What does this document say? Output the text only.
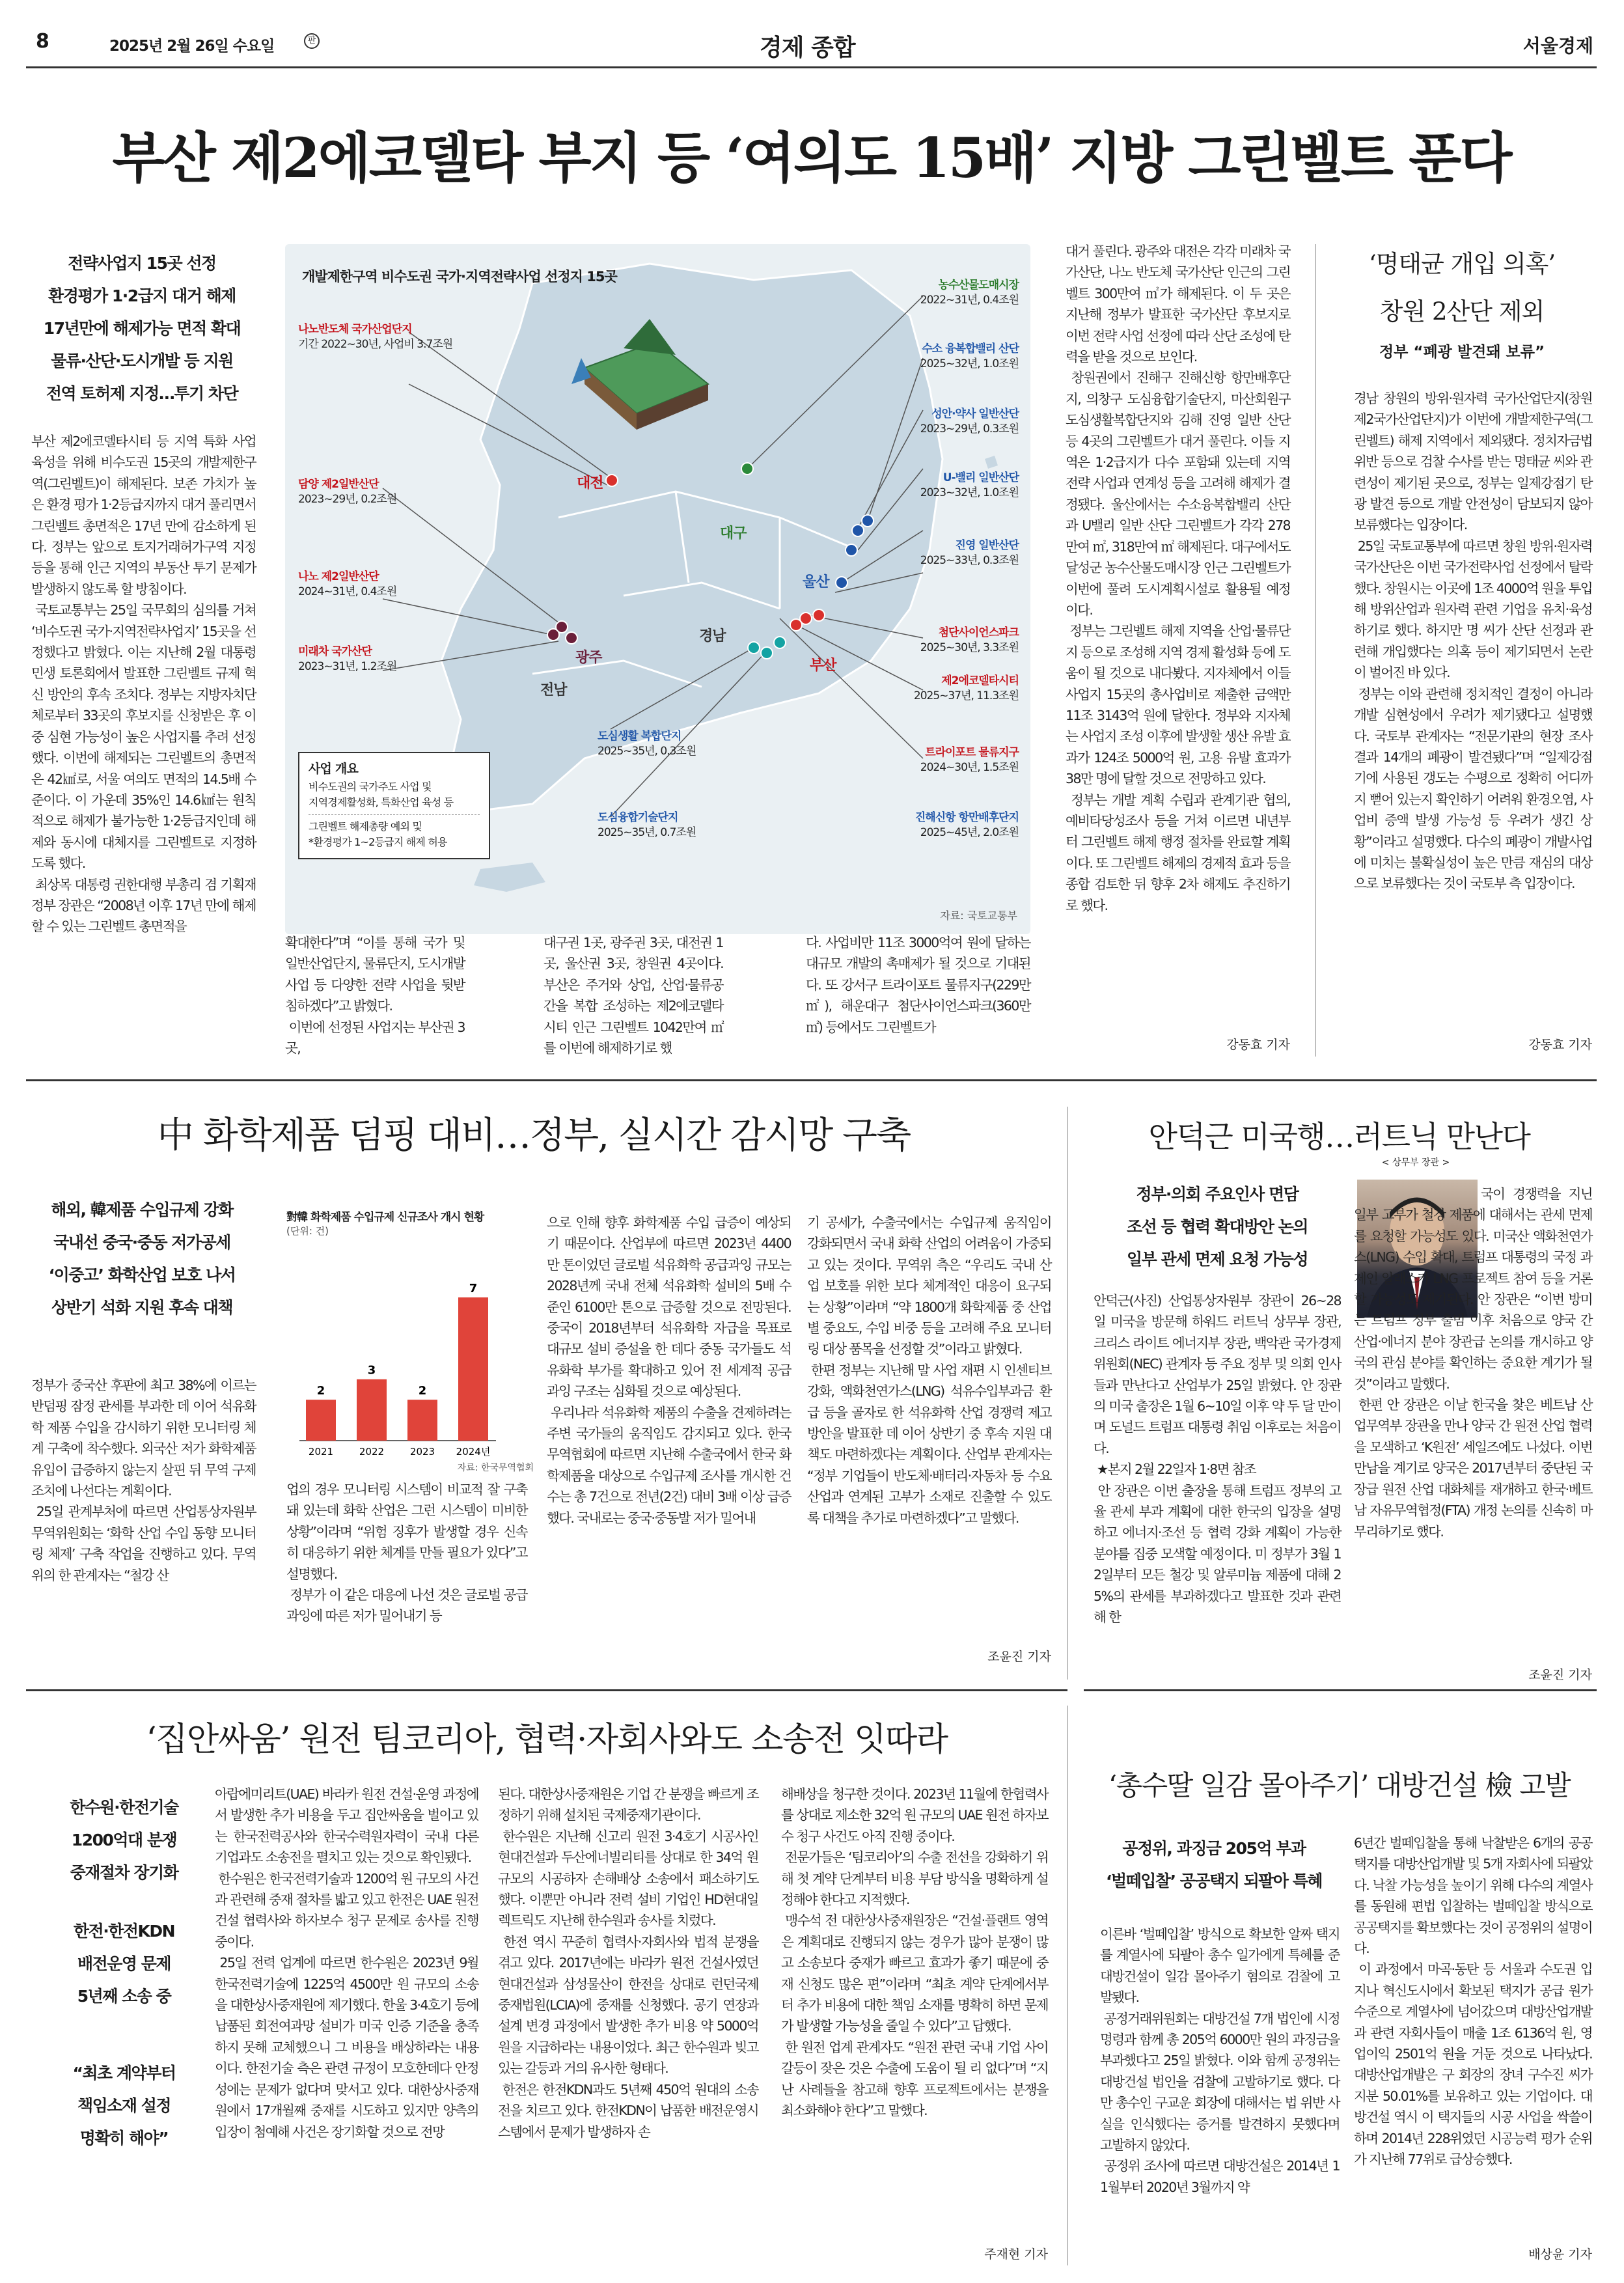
8	2025년 2월 26일 수요일	판	경제 종합	서울경제
부산 제2에코델타 부지 등 ‘여의도 15배’ 지방 그린벨트 푼다
전략사업지 15곳 선정
환경평가 1·2급지 대거 해제
17년만에 해제가능 면적 확대
물류·산단·도시개발 등 지원
전역 토허제 지정…투기 차단
부산 제2에코델타시티 등 지역 특화 사업 육성을 위해 비수도권 15곳의 개발제한구역(그린벨트)이 해제된다. 보존 가치가 높은 환경 평가 1·2등급지까지 대거 풀리면서 그린벨트 총면적은 17년 만에 감소하게 된다. 정부는 앞으로 토지거래허가구역 지정 등을 통해 인근 지역의 부동산 투기 문제가 발생하지 않도록 할 방침이다.
국토교통부는 25일 국무회의 심의를 거쳐 ‘비수도권 국가·지역전략사업지’ 15곳을 선정했다고 밝혔다. 이는 지난해 2월 대통령 민생 토론회에서 발표한 그린벨트 규제 혁신 방안의 후속 조치다. 정부는 지방자치단체로부터 33곳의 후보지를 신청받은 후 이 중 심현 가능성이 높은 사업지를 추려 선정했다. 이번에 해제되는 그린벨트의 총면적은 42㎢로, 서울 여의도 면적의 14.5배 수준이다. 이 가운데 35%인 14.6㎢는 원칙적으로 해제가 불가능한 1·2등급지인데 해제와 동시에 대체지를 그린벨트로 지정하도록 했다.
최상목 대통령 권한대행 부총리 겸 기획재정부 장관은 “2008년 이후 17년 만에 해제할 수 있는 그린벨트 총면적을
개발제한구역 비수도권 국가·지역전략사업 선정지 15곳
대전
대구
광주
전남
경남
울산
부산
나노반도체 국가산업단지
기간 2022~30년, 사업비 3.7조원
담양 제2일반산단
2023~29년, 0.2조원
나노 제2일반산단
2024~31년, 0.4조원
미래차 국가산단
2023~31년, 1.2조원
농수산물도매시장
2022~31년, 0.4조원
수소 융복합밸리 산단
2025~32년, 1.0조원
성안·약사 일반산단
2023~29년, 0.3조원
U-밸리 일반산단
2023~32년, 1.0조원
진영 일반산단
2025~33년, 0.3조원
첨단사이언스파크
2025~30년, 3.3조원
제2에코델타시티
2025~37년, 11.3조원
도심생활 복합단지
2025~35년, 0.3조원	트라이포트 물류지구
2024~30년, 1.5조원
도심융합기술단지
2025~35년, 0.7조원
진해신항 항만배후단지
2025~45년, 2.0조원
사업 개요
비수도권의 국가주도 사업 및
지역경제활성화, 특화산업 육성 등
그린벨트 해제총량 예외 및
*환경평가 1~2등급지 해제 허용
자료: 국토교통부
확대한다”며 “이를 통해 국가 및 일반산업단지, 물류단지, 도시개발사업 등 다양한 전략 사업을 뒷받침하겠다”고 밝혔다.
이번에 선정된 사업지는 부산권 3곳,
대구권 1곳, 광주권 3곳, 대전권 1곳, 울산권 3곳, 창원권 4곳이다. 부산은 주거와 상업, 산업·물류공간을 복합 조성하는 제2에코델타시티 인근 그린벨트 1042만여 ㎡를 이번에 해제하기로 했
다. 사업비만 11조 3000억여 원에 달하는 대규모 개발의 촉매제가 될 것으로 기대된다. 또 강서구 트라이포트 물류지구(229만 ㎡), 해운대구 첨단사이언스파크(360만 ㎡) 등에서도 그린벨트가
대거 풀린다. 광주와 대전은 각각 미래차 국가산단, 나노 반도체 국가산단 인근의 그린벨트 300만여 ㎡가 해제된다. 이 두 곳은 지난해 정부가 발표한 국가산단 후보지로 이번 전략 사업 선정에 따라 산단 조성에 탄력을 받을 것으로 보인다.
창원권에서 진해구 진해신항 항만배후단지, 의창구 도심융합기술단지, 마산회원구 도심생활복합단지와 김해 진영 일반 산단 등 4곳의 그린벨트가 대거 풀린다. 이들 지역은 1·2급지가 다수 포함돼 있는데 지역 전략 사업과 연계성 등을 고려해 해제가 결정됐다. 울산에서는 수소융복합밸리 산단과 U밸리 일반 산단 그린벨트가 각각 278만여 ㎡, 318만여 ㎡ 해제된다. 대구에서도 달성군 농수산물도매시장 인근 그린벨트가 이번에 풀려 도시계획시설로 활용될 예정이다.
정부는 그린벨트 해제 지역을 산업·물류단지 등으로 조성해 지역 경제 활성화 등에 도움이 될 것으로 내다봤다. 지자체에서 이들 사업지 15곳의 총사업비로 제출한 금액만 11조 3143억 원에 달한다. 정부와 지자체는 사업지 조성 이후에 발생할 생산 유발 효과가 124조 5000억 원, 고용 유발 효과가 38만 명에 달할 것으로 전망하고 있다.
정부는 개발 계획 수립과 관계기관 협의, 예비타당성조사 등을 거쳐 이르면 내년부터 그린벨트 해제 행정 절차를 완료할 계획이다. 또 그린벨트 해제의 경제적 효과 등을 종합 검토한 뒤 향후 2차 해제도 추진하기로 했다.
강동효 기자
‘명태균 개입 의혹’
창원 2산단 제외
정부 “폐광 발견돼 보류”
경남 창원의 방위·원자력 국가산업단지(창원 제2국가산업단지)가 이번에 개발제한구역(그린벨트) 해제 지역에서 제외됐다. 정치자금법 위반 등으로 검찰 수사를 받는 명태균 씨와 관련성이 제기된 곳으로, 정부는 일제강점기 탄광 발견 등으로 개발 안전성이 담보되지 않아 보류했다는 입장이다.
25일 국토교통부에 따르면 창원 방위·원자력 국가산단은 이번 국가전략사업 선정에서 탈락했다. 창원시는 이곳에 1조 4000억 원을 투입해 방위산업과 원자력 관련 기업을 유치·육성하기로 했다. 하지만 명 씨가 산단 선정과 관련해 개입했다는 의혹 등이 제기되면서 논란이 벌어진 바 있다.
정부는 이와 관련해 정치적인 결정이 아니라 개발 심현성에서 우려가 제기됐다고 설명했다. 국토부 관계자는 “전문기관의 현장 조사 결과 14개의 폐광이 발견됐다”며 “일제강점기에 사용된 갱도는 수평으로 정확히 어디까지 뻗어 있는지 확인하기 어려워 환경오염, 사업비 증액 발생 가능성 등 우려가 생긴 상황”이라고 설명했다. 다수의 폐광이 개발사업에 미치는 불확실성이 높은 만큼 재심의 대상으로 보류했다는 것이 국토부 측 입장이다.
강동효 기자
中 화학제품 덤핑 대비…정부, 실시간 감시망 구축
해외, 韓제품 수입규제 강화
국내선 중국·중동 저가공세
‘이중고’ 화학산업 보호 나서
상반기 석화 지원 후속 대책
정부가 중국산 후판에 최고 38%에 이르는 반덤핑 잠정 관세를 부과한 데 이어 석유화학 제품 수입을 감시하기 위한 모니터링 체계 구축에 착수했다. 외국산 저가 화학제품 유입이 급증하지 않는지 살핀 뒤 무역 구제 조치에 나선다는 계획이다.
25일 관계부처에 따르면 산업통상자원부 무역위원회는 ‘화학 산업 수입 동향 모니터링 체제’ 구축 작업을 진행하고 있다. 무역위의 한 관계자는 “철강 산
對韓 화학제품 수입규제 신규조사 개시 현황
(단위: 건)
2
2021
3
2022
2
2023
7
2024년
자료: 한국무역협회
업의 경우 모니터링 시스템이 비교적 잘 구축돼 있는데 화학 산업은 그런 시스템이 미비한 상황”이라며 “위험 징후가 발생할 경우 신속히 대응하기 위한 체계를 만들 필요가 있다”고 설명했다.
정부가 이 같은 대응에 나선 것은 글로벌 공급과잉에 따른 저가 밀어내기 등
으로 인해 향후 화학제품 수입 급증이 예상되기 때문이다. 산업부에 따르면 2023년 4400만 톤이었던 글로벌 석유화학 공급과잉 규모는 2028년께 국내 전체 석유화학 설비의 5배 수준인 6100만 톤으로 급증할 것으로 전망된다. 중국이 2018년부터 석유화학 자급을 목표로 대규모 설비 증설을 한 데다 중동 국가들도 석유화학 부가를 확대하고 있어 전 세계적 공급과잉 구조는 심화될 것으로 예상된다.
우리나라 석유화학 제품의 수출을 견제하려는 주변 국가들의 움직임도 감지되고 있다. 한국무역협회에 따르면 지난해 수출국에서 한국 화학제품을 대상으로 수입규제 조사를 개시한 건수는 총 7건으로 전년(2건) 대비 3배 이상 급증했다. 국내로는 중국·중동발 저가 밀어내
기 공세가, 수출국에서는 수입규제 움직임이 강화되면서 국내 화학 산업의 어려움이 가중되고 있는 것이다. 무역위 측은 “우리도 국내 산업 보호를 위한 보다 체계적인 대응이 요구되는 상황”이라며 “약 1800개 화학제품 중 산업별 중요도, 수입 비중 등을 고려해 주요 모니터링 대상 품목을 선정할 것”이라고 밝혔다.
한편 정부는 지난해 말 사업 재편 시 인센티브 강화, 액화천연가스(LNG) 석유수입부과금 환급 등을 골자로 한 석유화학 산업 경쟁력 제고 방안을 발표한 데 이어 상반기 중 후속 지원 대책도 마련하겠다는 계획이다. 산업부 관계자는 “정부 기업들이 반도체·배터리·자동차 등 수요 산업과 연계된 고부가 소재로 진출할 수 있도록 대책을 추가로 마련하겠다”고 말했다.
조윤진 기자
안덕근 미국행…러트닉 만난다
< 상무부 장관 >
정부·의회 주요인사 면담
조선 등 협력 확대방안 논의
일부 관세 면제 요청 가능성
안덕근(사진) 산업통상자원부 장관이 26~28일 미국을 방문해 하워드 러트닉 상무부 장관, 크리스 라이트 에너지부 장관, 백악관 국가경제위원회(NEC) 관계자 등 주요 정부 및 의회 인사들과 만난다고 산업부가 25일 밝혔다. 안 장관의 미국 출장은 1월 6~10일 이후 약 두 달 만이며 도널드 트럼프 대통령 취임 이후로는 처음이다.
★본지 2월 22일자 1·8면 참조
안 장관은 이번 출장을 통해 트럼프 정부의 고율 관세 부과 계획에 대한 한국의 입장을 설명하고 에너지·조선 등 협력 강화 계획이 가능한 분야를 집중 모색할 예정이다. 미 정부가 3월 12일부터 모든 철강 및 알루미늄 제품에 대해 25%의 관세를 부과하겠다고 발표한 것과 관련해 한
국이 경쟁력을 지닌 일부 고부가 철강 제품에 대해서는 관세 면제를 요청할 가능성도 있다. 미국산 액화천연가스(LNG) 수입 확대, 트럼프 대통령의 국정 과제인 알래스카 LNG 프로젝트 참여 등을 거론할 가능성도 제기된다. 안 장관은 “이번 방미는 트럼프 정부 출범 이후 처음으로 양국 간 산업·에너지 분야 장관급 논의를 개시하고 양국의 관심 분야를 확인하는 중요한 계기가 될 것”이라고 말했다.
한편 안 장관은 이날 한국을 찾은 베트남 산업무역부 장관을 만나 양국 간 원전 산업 협력을 모색하고 ‘K원전’ 세일즈에도 나섰다. 이번 만남을 계기로 양국은 2017년부터 중단된 국장급 원전 산업 대화체를 재개하고 한국·베트남 자유무역협정(FTA) 개정 논의를 신속히 마무리하기로 했다.
조윤진 기자
‘집안싸움’ 원전 팀코리아, 협력·자회사와도 소송전 잇따라
한수원·한전기술
1200억대 분쟁
중재절차 장기화
한전·한전KDN
배전운영 문제
5년째 소송 중
“최초 계약부터
책임소재 설정
명확히 해야”
아랍에미리트(UAE) 바라카 원전 건설·운영 과정에서 발생한 추가 비용을 두고 집안싸움을 벌이고 있는 한국전력공사와 한국수력원자력이 국내 다른 기업과도 소송전을 펼치고 있는 것으로 확인됐다.
한수원은 한국전력기술과 1200억 원 규모의 사건과 관련해 중재 절차를 밟고 있고 한전은 UAE 원전 건설 협력사와 하자보수 청구 문제로 송사를 진행 중이다.
25일 전력 업계에 따르면 한수원은 2023년 9월 한국전력기술에 1225억 4500만 원 규모의 소송을 대한상사중재원에 제기했다. 한울 3·4호기 등에 납품된 회전여과망 설비가 미국 인증 기준을 충족하지 못해 교체했으니 그 비용을 배상하라는 내용이다. 한전기술 측은 관련 규정이 모호한데다 안정성에는 문제가 없다며 맞서고 있다. 대한상사중재원에서 17개월째 중재를 시도하고 있지만 양측의 입장이 첨예해 사건은 장기화할 것으로 전망
된다. 대한상사중재원은 기업 간 분쟁을 빠르게 조정하기 위해 설치된 국제중재기관이다.
한수원은 지난해 신고리 원전 3·4호기 시공사인 현대건설과 두산에너빌리티를 상대로 한 34억 원 규모의 시공하자 손해배상 소송에서 패소하기도 했다. 이뿐만 아니라 전력 설비 기업인 HD현대일렉트릭도 지난해 한수원과 송사를 치렀다.
한전 역시 꾸준히 협력사·자회사와 법적 분쟁을 겪고 있다. 2017년에는 바라카 원전 건설사였던 현대건설과 삼성물산이 한전을 상대로 런던국제중재법원(LCIA)에 중재를 신청했다. 공기 연장과 설계 변경 과정에서 발생한 추가 비용 약 5000억 원을 지급하라는 내용이었다. 최근 한수원과 빚고 있는 갈등과 거의 유사한 형태다.
한전은 한전KDN과도 5년째 450억 원대의 소송전을 치르고 있다. 한전KDN이 납품한 배전운영시스템에서 문제가 발생하자 손
해배상을 청구한 것이다. 2023년 11월에 한협력사를 상대로 제소한 32억 원 규모의 UAE 원전 하자보수 청구 사건도 아직 진행 중이다.
전문가들은 ‘팀코리아’의 수출 전선을 강화하기 위해 첫 계약 단계부터 비용 부담 방식을 명확하게 설정해야 한다고 지적했다.
맹수석 전 대한상사중재원장은 “건설·플랜트 영역은 계획대로 진행되지 않는 경우가 많아 분쟁이 많고 소송보다 중재가 빠르고 효과가 좋기 때문에 중재 신청도 많은 편”이라며 “최초 계약 단계에서부터 추가 비용에 대한 책임 소재를 명확히 하면 문제가 발생할 가능성을 줄일 수 있다”고 답했다.
한 원전 업계 관계자도 “원전 관련 국내 기업 사이 갈등이 잦은 것은 수출에 도움이 될 리 없다”며 “지난 사례들을 참고해 향후 프로젝트에서는 분쟁을 최소화해야 한다”고 말했다.
주재현 기자
‘총수딸 일감 몰아주기’ 대방건설 檢 고발
공정위, 과징금 205억 부과
‘벌떼입찰’ 공공택지 되팔아 특혜
이른바 ‘벌떼입찰’ 방식으로 확보한 알짜 택지를 계열사에 되팔아 총수 일가에게 특혜를 준 대방건설이 일감 몰아주기 혐의로 검찰에 고발됐다.
공정거래위원회는 대방건설 7개 법인에 시정명령과 함께 총 205억 6000만 원의 과징금을 부과했다고 25일 밝혔다. 이와 함께 공정위는 대방건설 법인을 검찰에 고발하기로 했다. 다만 총수인 구교운 회장에 대해서는 법 위반 사실을 인식했다는 증거를 발견하지 못했다며 고발하지 않았다.
공정위 조사에 따르면 대방건설은 2014년 11월부터 2020년 3월까지 약
6년간 벌떼입찰을 통해 낙찰받은 6개의 공공택지를 대방산업개발 및 5개 자회사에 되팔았다. 낙찰 가능성을 높이기 위해 다수의 계열사를 동원해 편법 입찰하는 벌떼입찰 방식으로 공공택지를 확보했다는 것이 공정위의 설명이다.
이 과정에서 마곡·동탄 등 서울과 수도권 입지나 혁신도시에서 확보된 택지가 공급 원가 수준으로 계열사에 넘어갔으며 대방산업개발과 관련 자회사들이 매출 1조 6136억 원, 영업이익 2501억 원을 거둔 것으로 나타났다. 대방산업개발은 구 회장의 장녀 구수진 씨가 지분 50.01%를 보유하고 있는 기업이다. 대방건설 역시 이 택지들의 시공 사업을 싹쓸이하며 2014년 228위였던 시공능력 평가 순위가 지난해 77위로 급상승했다.
배상윤 기자
